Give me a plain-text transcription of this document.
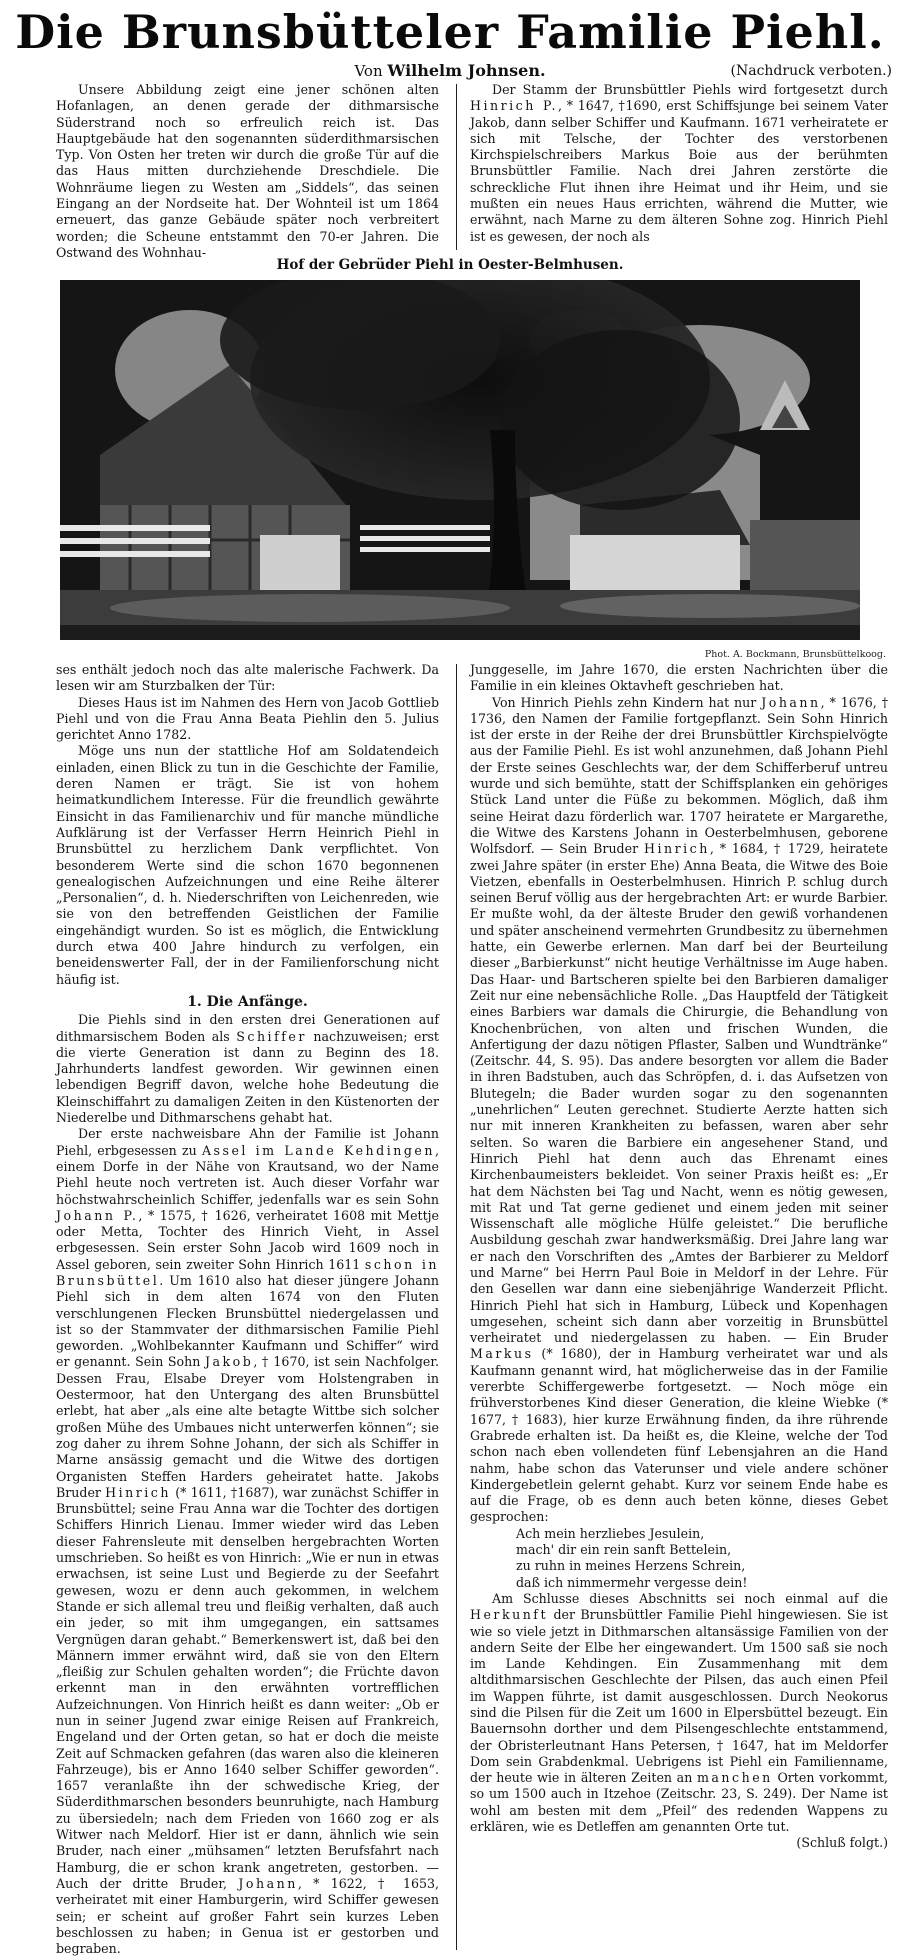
Die Brunsbütteler Familie Piehl.
Von Wilhelm Johnsen.	(Nachdruck verboten.)

Unsere Abbildung zeigt eine jener schönen alten Hofanlagen, an denen gerade der dithmarsische Süderstrand noch so erfreulich reich ist. Das Hauptgebäude hat den sogenannten süderdithmarsischen Typ. Von Osten her treten wir durch die große Tür auf die das Haus mitten durchziehende Dreschdiele. Die Wohnräume liegen zu Westen am „Siddels“, das seinen Eingang an der Nordseite hat. Der Wohnteil ist um 1864 erneuert, das ganze Gebäude später noch verbreitert worden; die Scheune entstammt den 70-er Jahren. Die Ostwand des Wohnhau-

Der Stamm der Brunsbüttler Piehls wird fortgesetzt durch Hinrich P., * 1647, †1690, erst Schiffsjunge bei seinem Vater Jakob, dann selber Schiffer und Kaufmann. 1671 verheiratete er sich mit Telsche, der Tochter des verstorbenen Kirchspielschreibers Markus Boie aus der berühmten Brunsbüttler Familie. Nach drei Jahren zerstörte die schreckliche Flut ihnen ihre Heimat und ihr Heim, und sie mußten ein neues Haus errichten, während die Mutter, wie erwähnt, nach Marne zu dem älteren Sohne zog. Hinrich Piehl ist es gewesen, der noch als

Hof der Gebrüder Piehl in Oester-Belmhusen.
Phot. A. Bockmann, Brunsbüttelkoog.

ses enthält jedoch noch das alte malerische Fachwerk. Da lesen wir am Sturzbalken der Tür:

Dieses Haus ist im Nahmen des Hern von Jacob Gottlieb Piehl und von die Frau Anna Beata Piehlin den 5. Julius gerichtet Anno 1782.

Möge uns nun der stattliche Hof am Soldatendeich einladen, einen Blick zu tun in die Geschichte der Familie, deren Namen er trägt. Sie ist von hohem heimatkundlichem Interesse. Für die freundlich gewährte Einsicht in das Familienarchiv und für manche mündliche Aufklärung ist der Verfasser Herrn Heinrich Piehl in Brunsbüttel zu herzlichem Dank verpflichtet. Von besonderem Werte sind die schon 1670 begonnenen genealogischen Aufzeichnungen und eine Reihe älterer „Personalien“, d. h. Niederschriften von Leichenreden, wie sie von den betreffenden Geistlichen der Familie eingehändigt wurden. So ist es möglich, die Entwicklung durch etwa 400 Jahre hindurch zu verfolgen, ein beneidenswerter Fall, der in der Familienforschung nicht häufig ist.

1. Die Anfänge.

Die Piehls sind in den ersten drei Generationen auf dithmarsischem Boden als Schiffer nachzuweisen; erst die vierte Generation ist dann zu Beginn des 18. Jahrhunderts landfest geworden. Wir gewinnen einen lebendigen Begriff davon, welche hohe Bedeutung die Kleinschiffahrt zu damaligen Zeiten in den Küstenorten der Niederelbe und Dithmarschens gehabt hat.

Der erste nachweisbare Ahn der Familie ist Johann Piehl, erbgesessen zu Assel im Lande Kehdingen, einem Dorfe in der Nähe von Krautsand, wo der Name Piehl heute noch vertreten ist. Auch dieser Vorfahr war höchstwahrscheinlich Schiffer, jedenfalls war es sein Sohn Johann P., * 1575, † 1626, verheiratet 1608 mit Mettje oder Metta, Tochter des Hinrich Vieht, in Assel erbgesessen. Sein erster Sohn Jacob wird 1609 noch in Assel geboren, sein zweiter Sohn Hinrich 1611 schon in Brunsbüttel. Um 1610 also hat dieser jüngere Johann Piehl sich in dem alten 1674 von den Fluten verschlungenen Flecken Brunsbüttel niedergelassen und ist so der Stammvater der dithmarsischen Familie Piehl geworden. „Wohlbekannter Kaufmann und Schiffer“ wird er genannt. Sein Sohn Jakob, † 1670, ist sein Nachfolger. Dessen Frau, Elsabe Dreyer vom Holstengraben in Oestermoor, hat den Untergang des alten Brunsbüttel erlebt, hat aber „als eine alte betagte Wittbe sich solcher großen Mühe des Umbaues nicht unterwerfen können“; sie zog daher zu ihrem Sohne Johann, der sich als Schiffer in Marne ansässig gemacht und die Witwe des dortigen Organisten Steffen Harders geheiratet hatte. Jakobs Bruder Hinrich (* 1611, †1687), war zunächst Schiffer in Brunsbüttel; seine Frau Anna war die Tochter des dortigen Schiffers Hinrich Lienau. Immer wieder wird das Leben dieser Fahrensleute mit denselben hergebrachten Worten umschrieben. So heißt es von Hinrich: „Wie er nun in etwas erwachsen, ist seine Lust und Begierde zu der Seefahrt gewesen, wozu er denn auch gekommen, in welchem Stande er sich allemal treu und fleißig verhalten, daß auch ein jeder, so mit ihm umgegangen, ein sattsames Vergnügen daran gehabt.“ Bemerkenswert ist, daß bei den Männern immer erwähnt wird, daß sie von den Eltern „fleißig zur Schulen gehalten worden“; die Früchte davon erkennt man in den erwähnten vortrefflichen Aufzeichnungen. Von Hinrich heißt es dann weiter: „Ob er nun in seiner Jugend zwar einige Reisen auf Frankreich, Engeland und der Orten getan, so hat er doch die meiste Zeit auf Schmacken gefahren (das waren also die kleineren Fahrzeuge), bis er Anno 1640 selber Schiffer geworden“. 1657 veranlaßte ihn der schwedische Krieg, der Süderdithmarschen besonders beunruhigte, nach Hamburg zu übersiedeln; nach dem Frieden von 1660 zog er als Witwer nach Meldorf. Hier ist er dann, ähnlich wie sein Bruder, nach einer „mühsamen“ letzten Berufsfahrt nach Hamburg, die er schon krank angetreten, gestorben. — Auch der dritte Bruder, Johann, * 1622, † 1653, verheiratet mit einer Hamburgerin, wird Schiffer gewesen sein; er scheint auf großer Fahrt sein kurzes Leben beschlossen zu haben; in Genua ist er gestorben und begraben.

Junggeselle, im Jahre 1670, die ersten Nachrichten über die Familie in ein kleines Oktavheft geschrieben hat.

Von Hinrich Piehls zehn Kindern hat nur Johann, * 1676, † 1736, den Namen der Familie fortgepflanzt. Sein Sohn Hinrich ist der erste in der Reihe der drei Brunsbüttler Kirchspielvögte aus der Familie Piehl. Es ist wohl anzunehmen, daß Johann Piehl der Erste seines Geschlechts war, der dem Schifferberuf untreu wurde und sich bemühte, statt der Schiffsplanken ein gehöriges Stück Land unter die Füße zu bekommen. Möglich, daß ihm seine Heirat dazu förderlich war. 1707 heiratete er Margarethe, die Witwe des Karstens Johann in Oesterbelmhusen, geborene Wolfsdorf. — Sein Bruder Hinrich, * 1684, † 1729, heiratete zwei Jahre später (in erster Ehe) Anna Beata, die Witwe des Boie Vietzen, ebenfalls in Oesterbelmhusen. Hinrich P. schlug durch seinen Beruf völlig aus der hergebrachten Art: er wurde Barbier. Er mußte wohl, da der älteste Bruder den gewiß vorhandenen und später anscheinend vermehrten Grundbesitz zu übernehmen hatte, ein Gewerbe erlernen. Man darf bei der Beurteilung dieser „Barbierkunst“ nicht heutige Verhältnisse im Auge haben. Das Haar- und Bartscheren spielte bei den Barbieren damaliger Zeit nur eine nebensächliche Rolle. „Das Hauptfeld der Tätigkeit eines Barbiers war damals die Chirurgie, die Behandlung von Knochenbrüchen, von alten und frischen Wunden, die Anfertigung der dazu nötigen Pflaster, Salben und Wundtränke“ (Zeitschr. 44, S. 95). Das andere besorgten vor allem die Bader in ihren Badstuben, auch das Schröpfen, d. i. das Aufsetzen von Blutegeln; die Bader wurden sogar zu den sogenannten „unehrlichen“ Leuten gerechnet. Studierte Aerzte hatten sich nur mit inneren Krankheiten zu befassen, waren aber sehr selten. So waren die Barbiere ein angesehener Stand, und Hinrich Piehl hat denn auch das Ehrenamt eines Kirchenbaumeisters bekleidet. Von seiner Praxis heißt es: „Er hat dem Nächsten bei Tag und Nacht, wenn es nötig gewesen, mit Rat und Tat gerne gedienet und einem jeden mit seiner Wissenschaft alle mögliche Hülfe geleistet.“ Die berufliche Ausbildung geschah zwar handwerksmäßig. Drei Jahre lang war er nach den Vorschriften des „Amtes der Barbierer zu Meldorf und Marne“ bei Herrn Paul Boie in Meldorf in der Lehre. Für den Gesellen war dann eine siebenjährige Wanderzeit Pflicht. Hinrich Piehl hat sich in Hamburg, Lübeck und Kopenhagen umgesehen, scheint sich dann aber vorzeitig in Brunsbüttel verheiratet und niedergelassen zu haben. — Ein Bruder Markus (* 1680), der in Hamburg verheiratet war und als Kaufmann genannt wird, hat möglicherweise das in der Familie vererbte Schiffergewerbe fortgesetzt. — Noch möge ein frühverstorbenes Kind dieser Generation, die kleine Wiebke (* 1677, † 1683), hier kurze Erwähnung finden, da ihre rührende Grabrede erhalten ist. Da heißt es, die Kleine, welche der Tod schon nach eben vollendeten fünf Lebensjahren an die Hand nahm, habe schon das Vaterunser und viele andere schöner Kindergebetlein gelernt gehabt. Kurz vor seinem Ende habe es auf die Frage, ob es denn auch beten könne, dieses Gebet gesprochen:

Ach mein herzliebes Jesulein,

mach' dir ein rein sanft Bettelein,

zu ruhn in meines Herzens Schrein,

daß ich nimmermehr vergesse dein!

Am Schlusse dieses Abschnitts sei noch einmal auf die Herkunft der Brunsbüttler Familie Piehl hingewiesen. Sie ist wie so viele jetzt in Dithmarschen altansässige Familien von der andern Seite der Elbe her eingewandert. Um 1500 saß sie noch im Lande Kehdingen. Ein Zusammenhang mit dem altdithmarsischen Geschlechte der Pilsen, das auch einen Pfeil im Wappen führte, ist damit ausgeschlossen. Durch Neokorus sind die Pilsen für die Zeit um 1600 in Elpersbüttel bezeugt. Ein Bauernsohn dorther und dem Pilsengeschlechte entstammend, der Obristerleutnant Hans Petersen, † 1647, hat im Meldorfer Dom sein Grabdenkmal. Uebrigens ist Piehl ein Familienname, der heute wie in älteren Zeiten an manchen Orten vorkommt, so um 1500 auch in Itzehoe (Zeitschr. 23, S. 249). Der Name ist wohl am besten mit dem „Pfeil“ des redenden Wappens zu erklären, wie es Detleffen am genannten Orte tut.

(Schluß folgt.)
